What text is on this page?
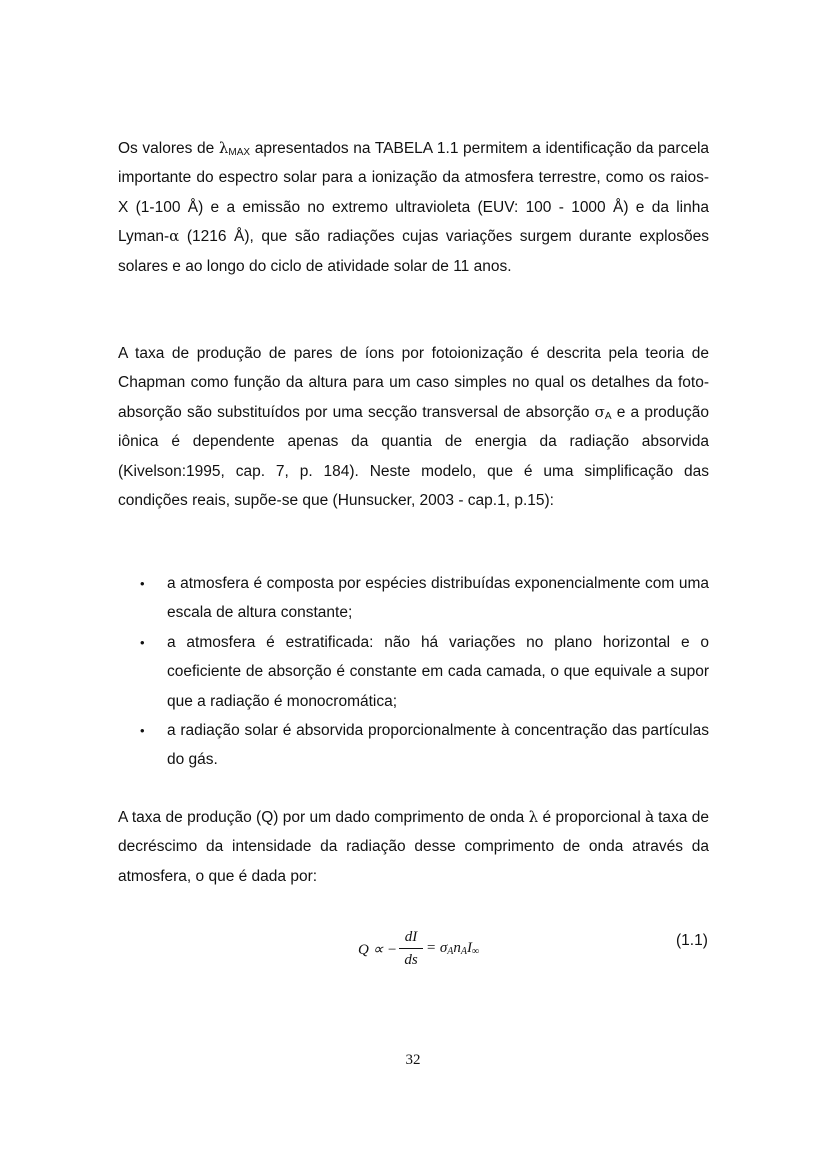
Os valores de $\lambda_{MAX}$ apresentados na TABELA 1.1 permitem a identificação da parcela importante do espectro solar para a ionização da atmosfera terrestre, como os raios-X (1-100 Å) e a emissão no extremo ultravioleta (EUV: 100 - 1000 Å) e da linha Lyman-α (1216 Å), que são radiações cujas variações surgem durante explosões solares e ao longo do ciclo de atividade solar de 11 anos.

A taxa de produção de pares de íons por fotoionização é descrita pela teoria de Chapman como função da altura para um caso simples no qual os detalhes da foto-absorção são substituídos por uma secção transversal de absorção $\sigma_A$ e a produção iônica é dependente apenas da quantia de energia da radiação absorvida (Kivelson:1995, cap. 7, p. 184). Neste modelo, que é uma simplificação das condições reais, supõe-se que (Hunsucker, 2003 - cap.1, p.15):

• a atmosfera é composta por espécies distribuídas exponencialmente com uma escala de altura constante;
• a atmosfera é estratificada: não há variações no plano horizontal e o coeficiente de absorção é constante em cada camada, o que equivale a supor que a radiação é monocromática;
• a radiação solar é absorvida proporcionalmente à concentração das partículas do gás.

A taxa de produção (Q) por um dado comprimento de onda λ é proporcional à taxa de decréscimo da intensidade da radiação desse comprimento de onda através da atmosfera, o que é dada por:

Q ∝ −
dI
ds
= $\sigma_An_AI_\infty$
(1.1)
32
